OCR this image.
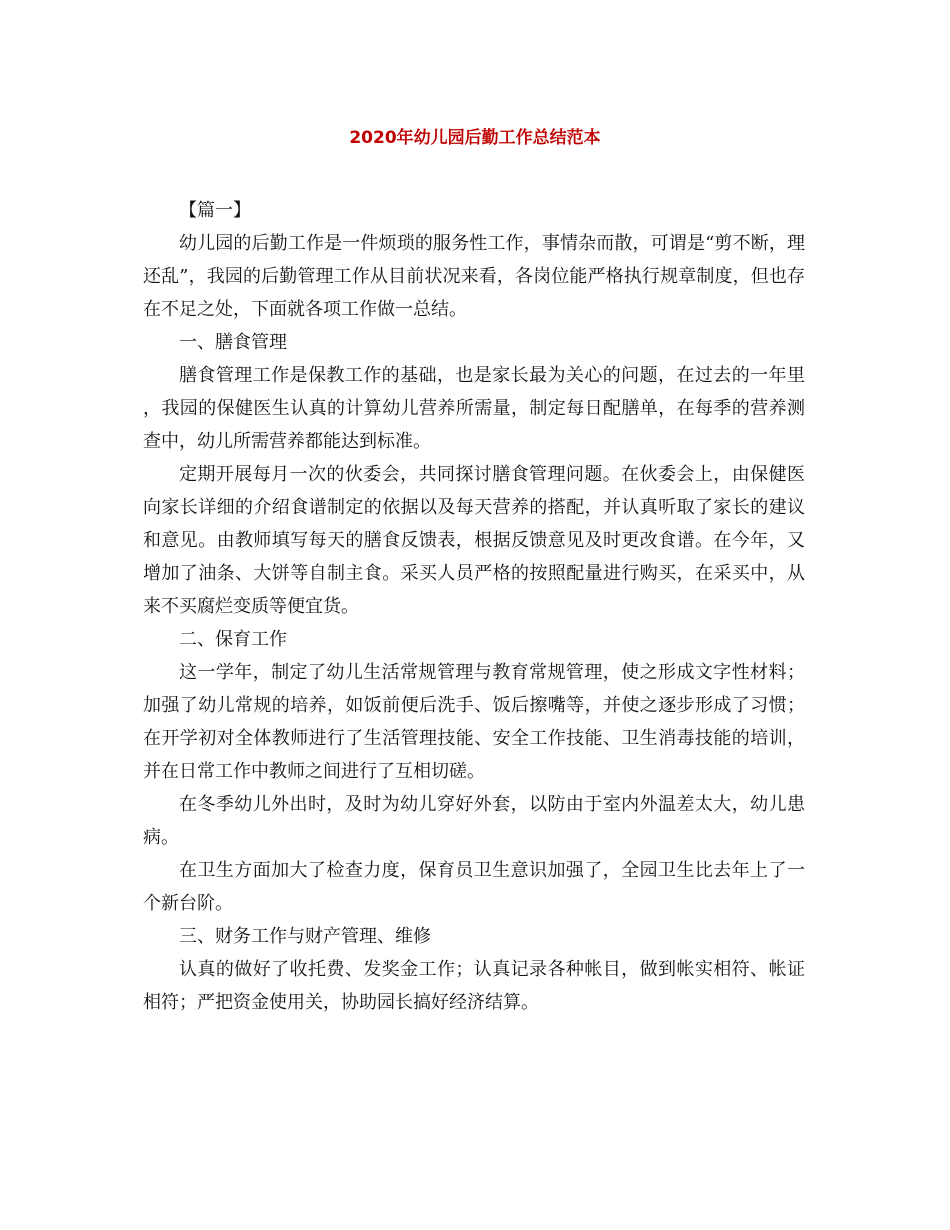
2020年幼儿园后勤工作总结范本

【篇一】

幼儿园的后勤工作是一件烦琐的服务性工作，事情杂而散，可谓是“剪不断，理还乱”，我园的后勤管理工作从目前状况来看，各岗位能严格执行规章制度，但也存在不足之处，下面就各项工作做一总结。

一、膳食管理

膳食管理工作是保教工作的基础，也是家长最为关心的问题，在过去的一年里，我园的保健医生认真的计算幼儿营养所需量，制定每日配膳单，在每季的营养测查中，幼儿所需营养都能达到标准。

定期开展每月一次的伙委会，共同探讨膳食管理问题。在伙委会上，由保健医向家长详细的介绍食谱制定的依据以及每天营养的搭配，并认真听取了家长的建议和意见。由教师填写每天的膳食反馈表，根据反馈意见及时更改食谱。在今年，又增加了油条、大饼等自制主食。采买人员严格的按照配量进行购买，在采买中，从来不买腐烂变质等便宜货。

二、保育工作

这一学年，制定了幼儿生活常规管理与教育常规管理，使之形成文字性材料；加强了幼儿常规的培养，如饭前便后洗手、饭后擦嘴等，并使之逐步形成了习惯；在开学初对全体教师进行了生活管理技能、安全工作技能、卫生消毒技能的培训，并在日常工作中教师之间进行了互相切磋。

在冬季幼儿外出时，及时为幼儿穿好外套，以防由于室内外温差太大，幼儿患病。

在卫生方面加大了检查力度，保育员卫生意识加强了，全园卫生比去年上了一个新台阶。

三、财务工作与财产管理、维修

认真的做好了收托费、发奖金工作；认真记录各种帐目，做到帐实相符、帐证相符；严把资金使用关，协助园长搞好经济结算。
